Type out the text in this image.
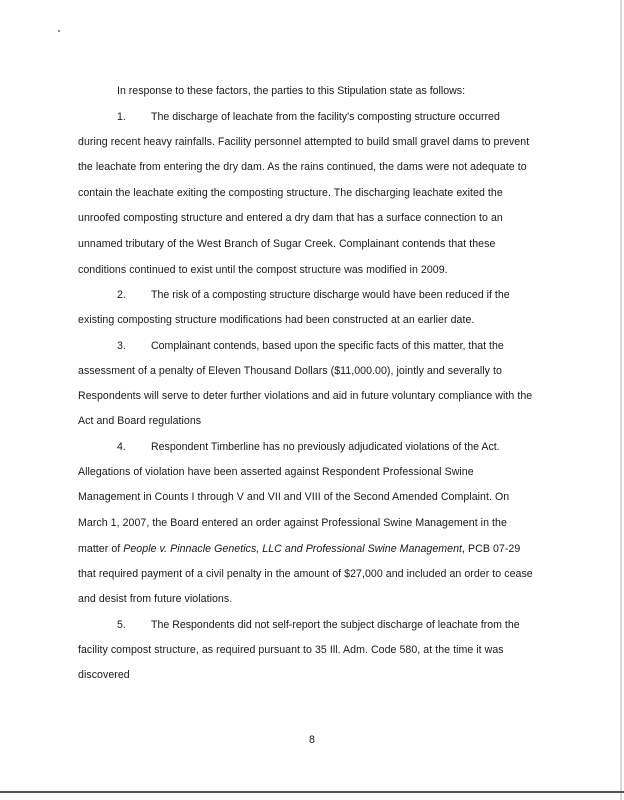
In response to these factors, the parties to this Stipulation state as follows:
1. The discharge of leachate from the facility's composting structure occurred
during recent heavy rainfalls. Facility personnel attempted to build small gravel dams to prevent
the leachate from entering the dry dam. As the rains continued, the dams were not adequate to
contain the leachate exiting the composting structure. The discharging leachate exited the
unroofed composting structure and entered a dry dam that has a surface connection to an
unnamed tributary of the West Branch of Sugar Creek. Complainant contends that these
conditions continued to exist until the compost structure was modified in 2009.
2. The risk of a composting structure discharge would have been reduced if the
existing composting structure modifications had been constructed at an earlier date.
3. Complainant contends, based upon the specific facts of this matter, that the
assessment of a penalty of Eleven Thousand Dollars ($11,000.00), jointly and severally to
Respondents will serve to deter further violations and aid in future voluntary compliance with the
Act and Board regulations
4. Respondent Timberline has no previously adjudicated violations of the Act.
Allegations of violation have been asserted against Respondent Professional Swine
Management in Counts I through V and VII and VIII of the Second Amended Complaint. On
March 1, 2007, the Board entered an order against Professional Swine Management in the
matter of People v. Pinnacle Genetics, LLC and Professional Swine Management, PCB 07-29
that required payment of a civil penalty in the amount of $27,000 and included an order to cease
and desist from future violations.
5. The Respondents did not self-report the subject discharge of leachate from the
facility compost structure, as required pursuant to 35 Ill. Adm. Code 580, at the time it was
discovered
8
